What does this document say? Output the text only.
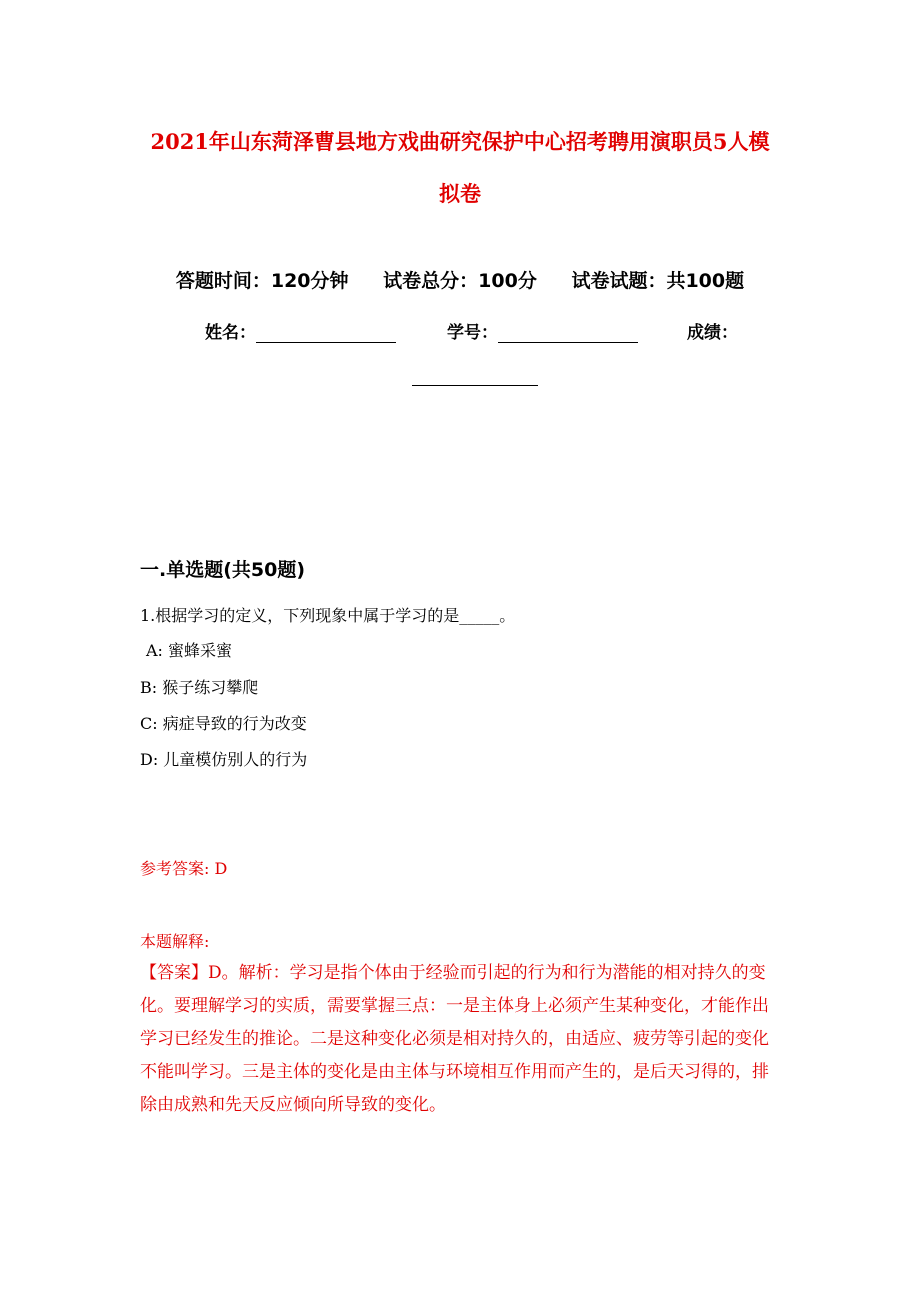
2021年山东菏泽曹县地方戏曲研究保护中心招考聘用演职员5人模拟卷
答题时间：120分钟 试卷总分：100分 试卷试题：共100题
姓名：	学号：	成绩：
一.单选题(共50题)
1.根据学习的定义，下列现象中属于学习的是_____。
A: 蜜蜂采蜜
B: 猴子练习攀爬
C: 病症导致的行为改变
D: 儿童模仿别人的行为
参考答案: D
本题解释:
【答案】D。解析：学习是指个体由于经验而引起的行为和行为潜能的相对持久的变化。要理解学习的实质，需要掌握三点：一是主体身上必须产生某种变化，才能作出学习已经发生的推论。二是这种变化必须是相对持久的，由适应、疲劳等引起的变化不能叫学习。三是主体的变化是由主体与环境相互作用而产生的，是后天习得的，排除由成熟和先天反应倾向所导致的变化。
